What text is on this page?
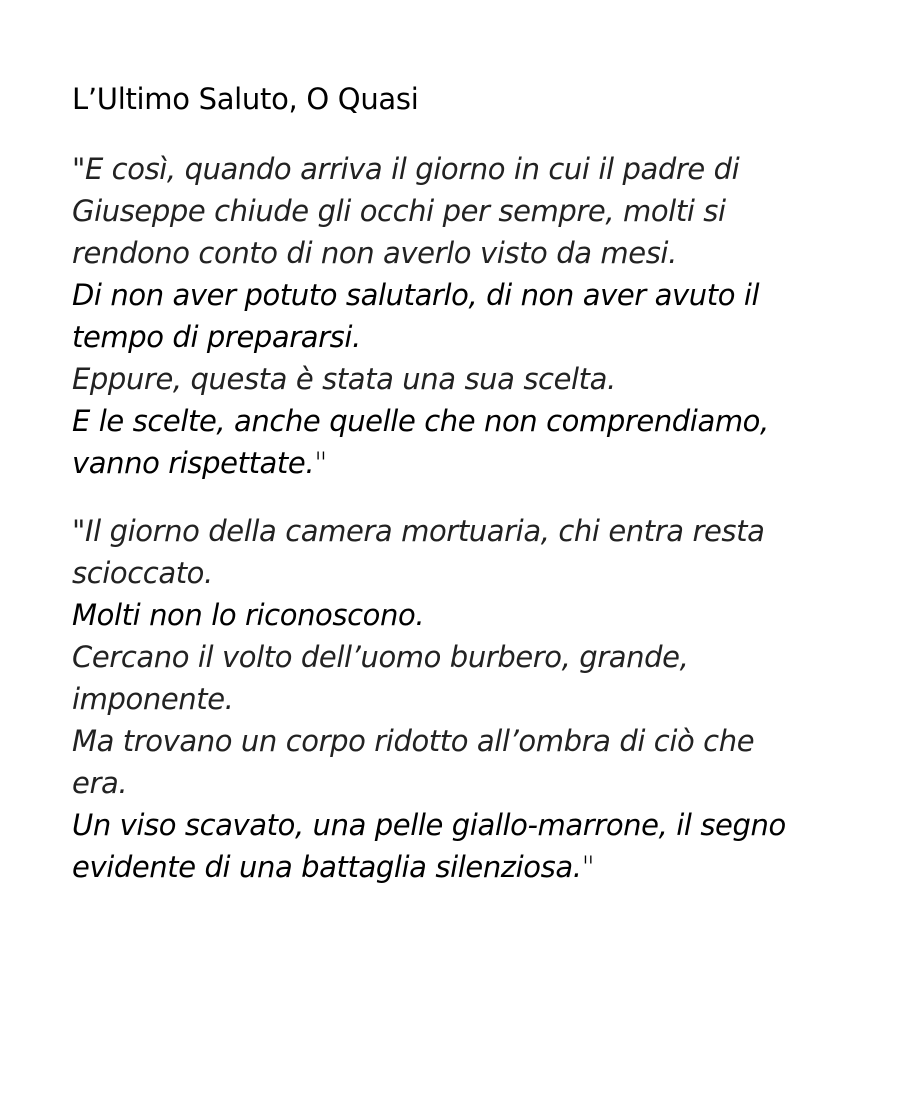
L’Ultimo Saluto, O Quasi
"E così, quando arriva il giorno in cui il padre di
Giuseppe chiude gli occhi per sempre, molti si
rendono conto di non averlo visto da mesi.
Di non aver potuto salutarlo, di non aver avuto il
tempo di prepararsi.
Eppure, questa è stata una sua scelta.
E le scelte, anche quelle che non comprendiamo,
vanno rispettate."
"Il giorno della camera mortuaria, chi entra resta
scioccato.
Molti non lo riconoscono.
Cercano il volto dell’uomo burbero, grande,
imponente.
Ma trovano un corpo ridotto all’ombra di ciò che
era.
Un viso scavato, una pelle giallo-marrone, il segno
evidente di una battaglia silenziosa."
